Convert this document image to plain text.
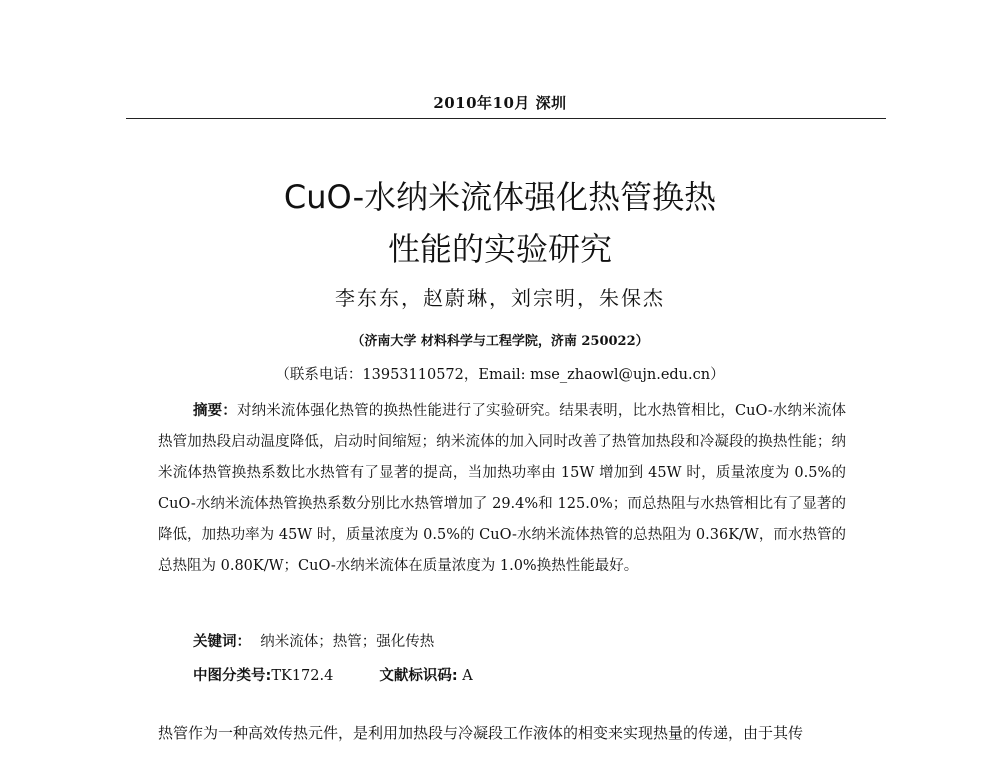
2010年10月 深圳
CuO-水纳米流体强化热管换热
性能的实验研究
李东东，赵蔚琳，刘宗明，朱保杰
（济南大学 材料科学与工程学院，济南 250022）
（联系电话：13953110572，Email: mse_zhaowl@ujn.edu.cn）
摘要：对纳米流体强化热管的换热性能进行了实验研究。结果表明，比水热管相比，CuO-水纳米流体热管加热段启动温度降低，启动时间缩短；纳米流体的加入同时改善了热管加热段和冷凝段的换热性能；纳米流体热管换热系数比水热管有了显著的提高，当加热功率由 15W 增加到 45W 时，质量浓度为 0.5%的 CuO-水纳米流体热管换热系数分别比水热管增加了 29.4%和 125.0%；而总热阻与水热管相比有了显著的降低，加热功率为 45W 时，质量浓度为 0.5%的 CuO-水纳米流体热管的总热阻为 0.36K/W，而水热管的总热阻为 0.80K/W；CuO-水纳米流体在质量浓度为 1.0%换热性能最好。
关键词： 纳米流体；热管；强化传热
中图分类号:TK172.4	文献标识码: A
热管作为一种高效传热元件，是利用加热段与冷凝段工作液体的相变来实现热量的传递，由于其传
